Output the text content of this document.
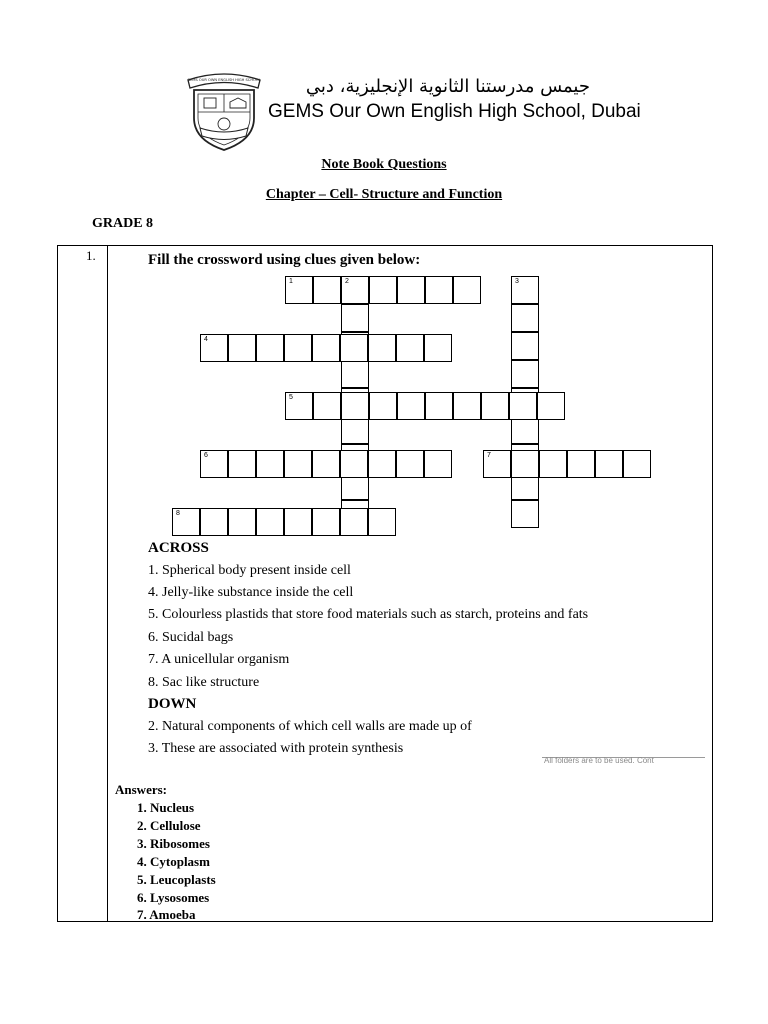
GEMS OUR OWN ENGLISH HIGH SCHOOL	جيمس مدرستنا الثانوية الإنجليزية، دبي
GEMS Our Own English High School, Dubai
Note Book Questions
Chapter – Cell- Structure and Function
GRADE 8
1.	Fill the crossword using clues given below:
1	2	3
4
5
6	7
8
ACROSS
1. Spherical body present inside cell
4. Jelly-like substance inside the cell
5. Colourless plastids that store food materials such as starch, proteins and fats
6. Sucidal bags
7. A unicellular organism
8. Sac like structure
DOWN
2. Natural components of which cell walls are made up of
3. These are associated with protein synthesis
All folders are to be used. Cont
Answers:
1. Nucleus
2. Cellulose
3. Ribosomes
4. Cytoplasm
5. Leucoplasts
6. Lysosomes
7. Amoeba
